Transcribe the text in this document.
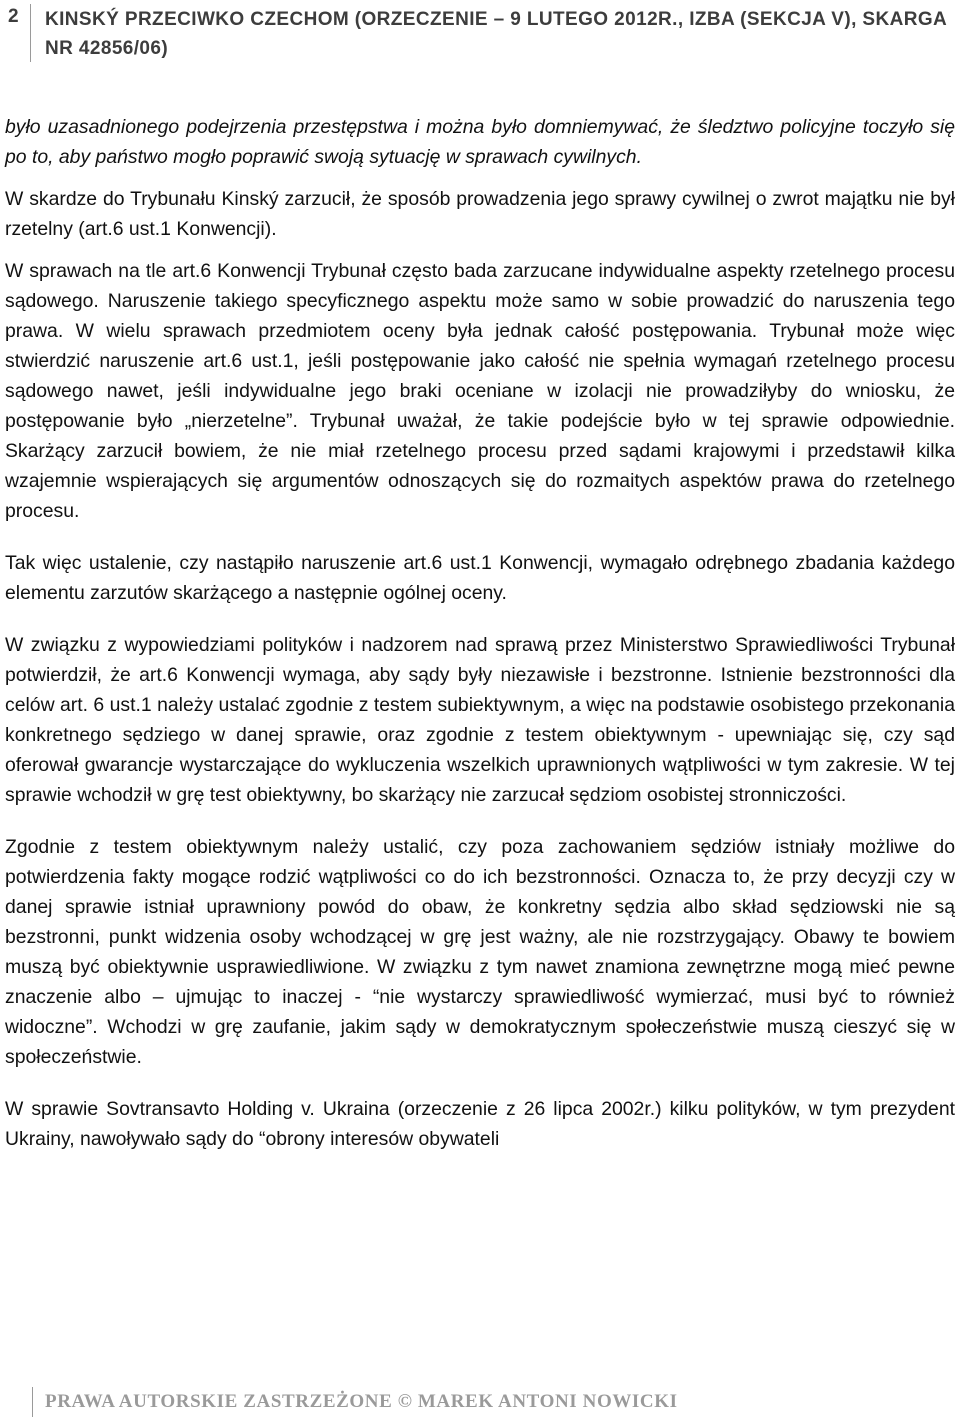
2 KINSKÝ PRZECIWKO CZECHOM (ORZECZENIE – 9 LUTEGO 2012R., IZBA (SEKCJA V), SKARGA NR 42856/06)

było uzasadnionego podejrzenia przestępstwa i można było domniemywać, że śledztwo policyjne toczyło się po to, aby państwo mogło poprawić swoją sytuację w sprawach cywilnych.

W skardze do Trybunału Kinský zarzucił, że sposób prowadzenia jego sprawy cywilnej o zwrot majątku nie był rzetelny (art.6 ust.1 Konwencji).

W sprawach na tle art.6 Konwencji Trybunał często bada zarzucane indywidualne aspekty rzetelnego procesu sądowego. Naruszenie takiego specyficznego aspektu może samo w sobie prowadzić do naruszenia tego prawa. W wielu sprawach przedmiotem oceny była jednak całość postępowania. Trybunał może więc stwierdzić naruszenie art.6 ust.1, jeśli postępowanie jako całość nie spełnia wymagań rzetelnego procesu sądowego nawet, jeśli indywidualne jego braki oceniane w izolacji nie prowadziłyby do wniosku, że postępowanie było „nierzetelne”. Trybunał uważał, że takie podejście było w tej sprawie odpowiednie. Skarżący zarzucił bowiem, że nie miał rzetelnego procesu przed sądami krajowymi i przedstawił kilka wzajemnie wspierających się argumentów odnoszących się do rozmaitych aspektów prawa do rzetelnego procesu.

Tak więc ustalenie, czy nastąpiło naruszenie art.6 ust.1 Konwencji, wymagało odrębnego zbadania każdego elementu zarzutów skarżącego a następnie ogólnej oceny.

W związku z wypowiedziami polityków i nadzorem nad sprawą przez Ministerstwo Sprawiedliwości Trybunał potwierdził, że art.6 Konwencji wymaga, aby sądy były niezawisłe i bezstronne. Istnienie bezstronności dla celów art. 6 ust.1 należy ustalać zgodnie z testem subiektywnym, a więc na podstawie osobistego przekonania konkretnego sędziego w danej sprawie, oraz zgodnie z testem obiektywnym - upewniając się, czy sąd oferował gwarancje wystarczające do wykluczenia wszelkich uprawnionych wątpliwości w tym zakresie. W tej sprawie wchodził w grę test obiektywny, bo skarżący nie zarzucał sędziom osobistej stronniczości.

Zgodnie z testem obiektywnym należy ustalić, czy poza zachowaniem sędziów istniały możliwe do potwierdzenia fakty mogące rodzić wątpliwości co do ich bezstronności. Oznacza to, że przy decyzji czy w danej sprawie istniał uprawniony powód do obaw, że konkretny sędzia albo skład sędziowski nie są bezstronni, punkt widzenia osoby wchodzącej w grę jest ważny, ale nie rozstrzygający. Obawy te bowiem muszą być obiektywnie usprawiedliwione. W związku z tym nawet znamiona zewnętrzne mogą mieć pewne znaczenie albo – ujmując to inaczej - “nie wystarczy sprawiedliwość wymierzać, musi być to również widoczne”. Wchodzi w grę zaufanie, jakim sądy w demokratycznym społeczeństwie muszą cieszyć się w społeczeństwie.

W sprawie Sovtransavto Holding v. Ukraina (orzeczenie z 26 lipca 2002r.) kilku polityków, w tym prezydent Ukrainy, nawoływało sądy do “obrony interesów obywateli

PRAWA AUTORSKIE ZASTRZEŻONE © MAREK ANTONI NOWICKI
